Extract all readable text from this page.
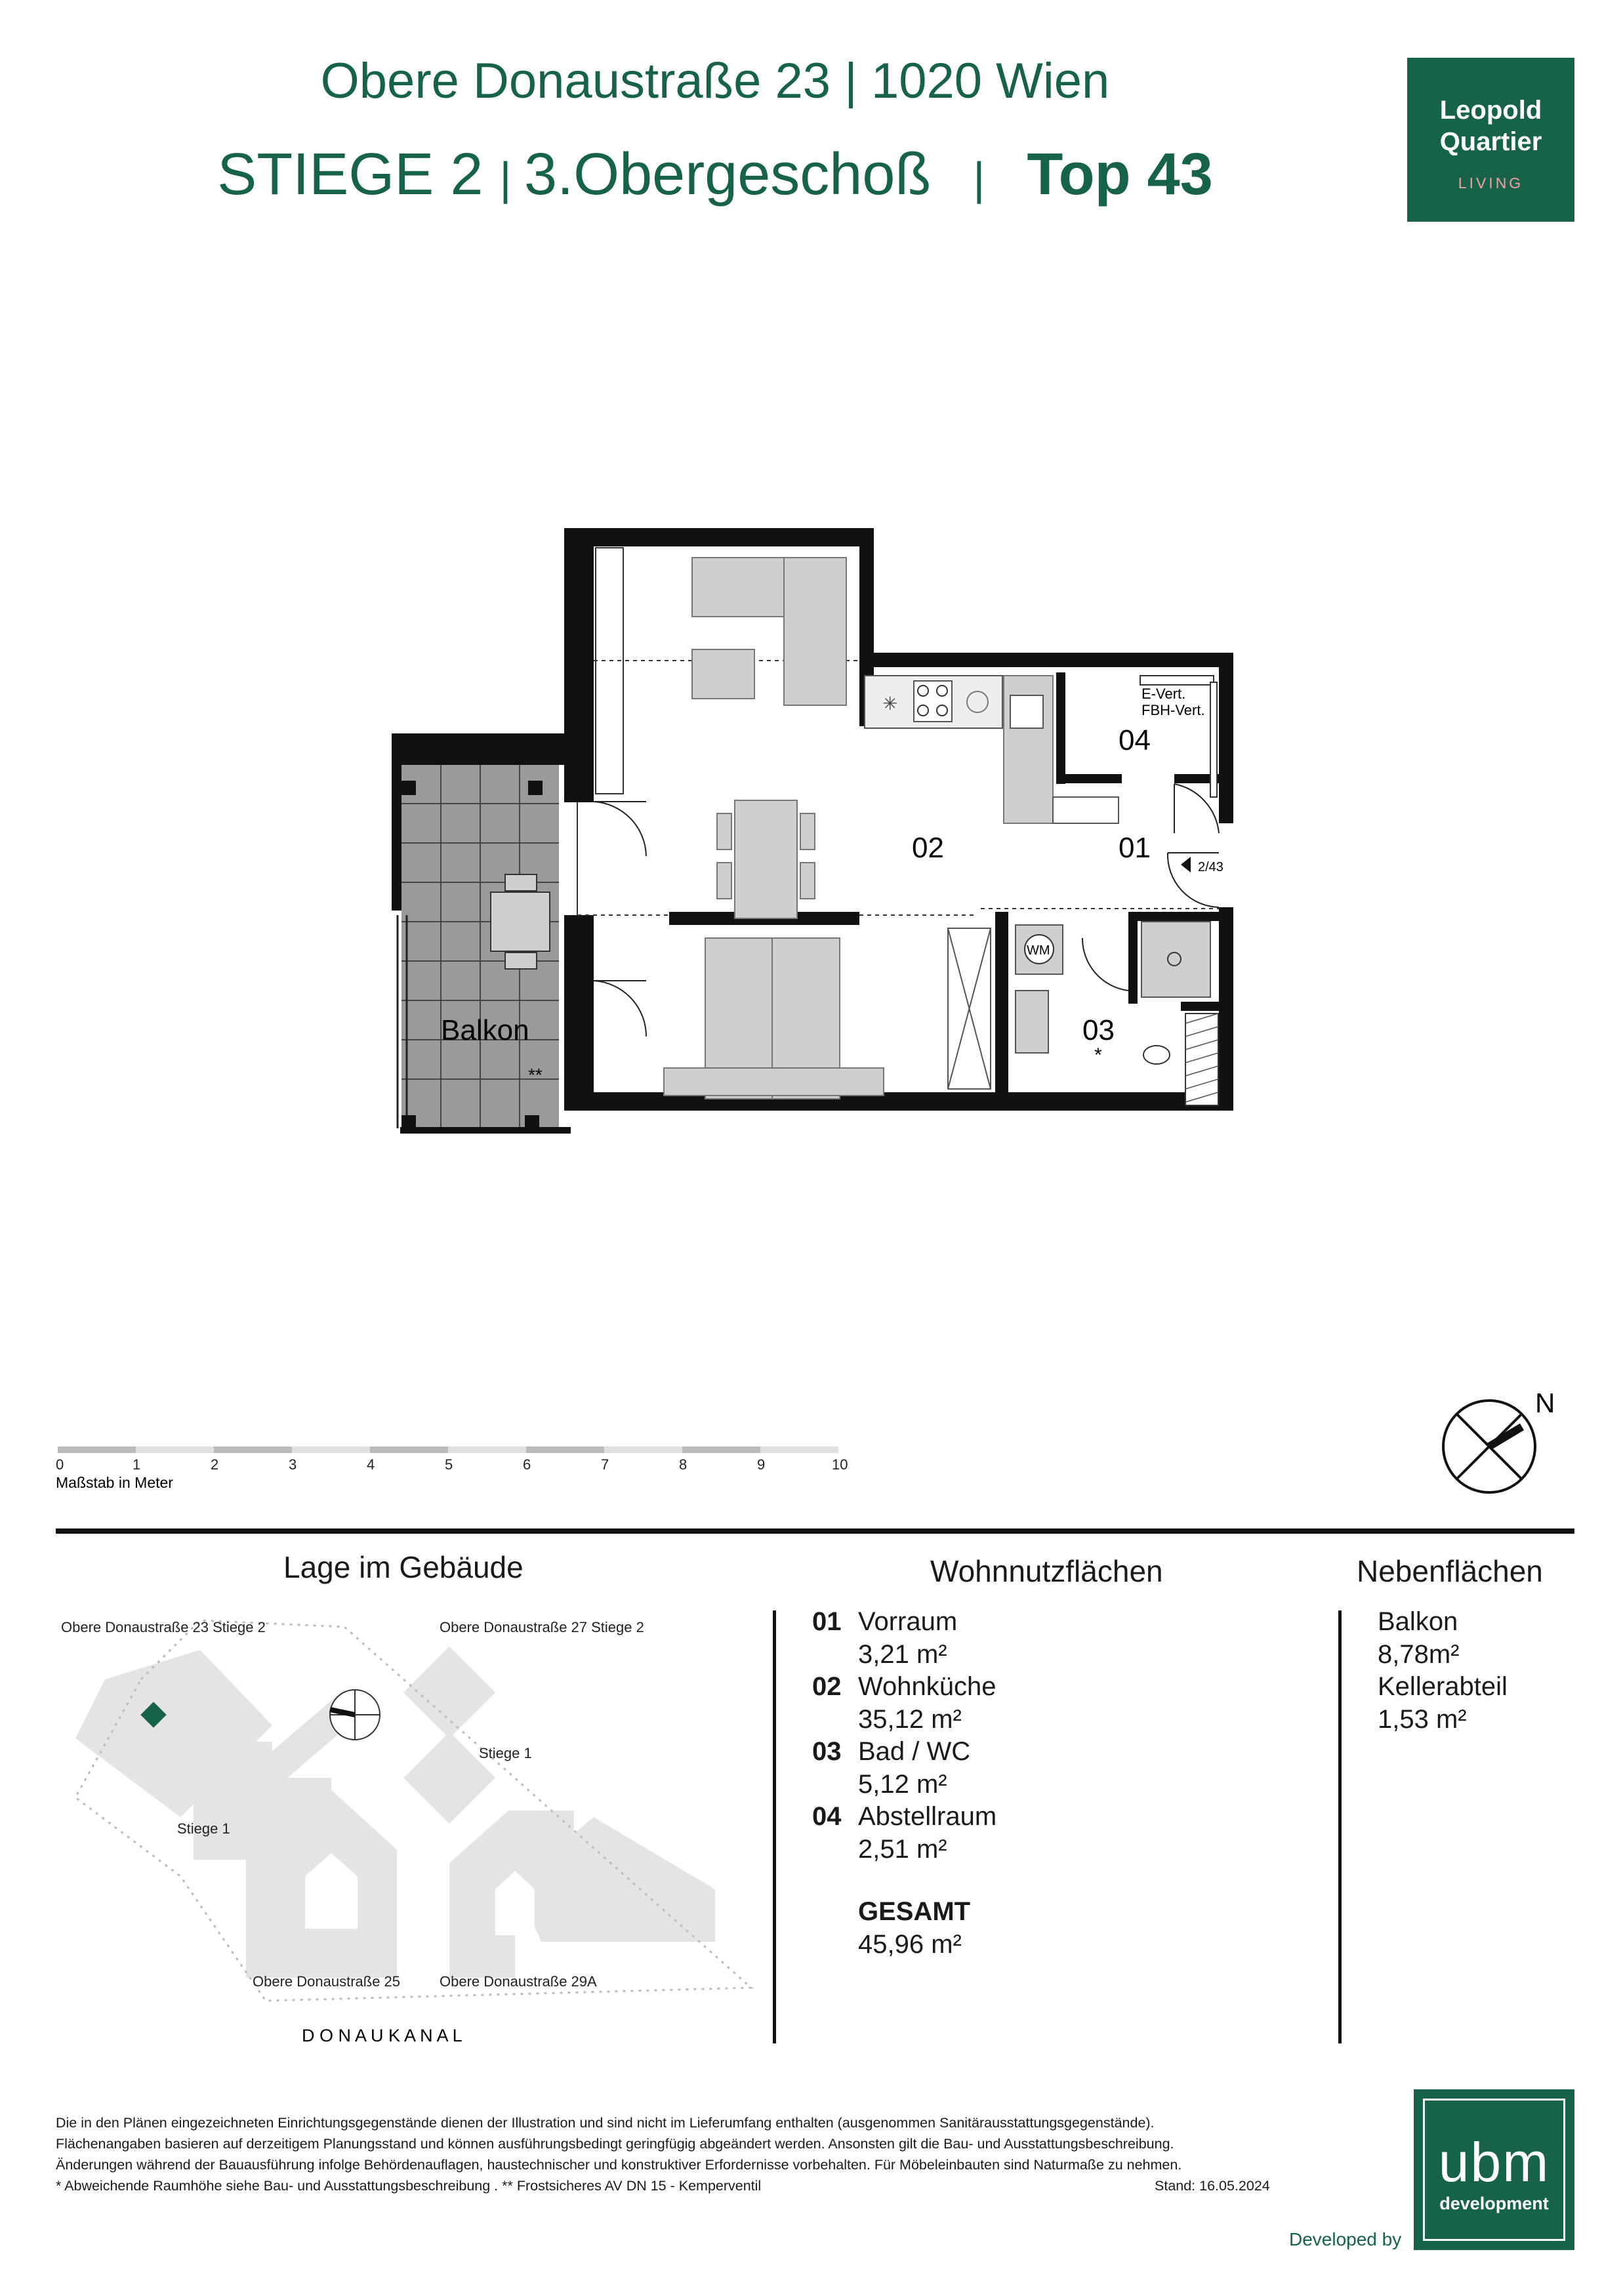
Obere Donaustraße 23 | 1020 Wien
STIEGE 2 | 3.Obergeschoß   |   Top 43
Leopold
Quartier
LIVING
✳
02	01
04
03
Balkon
E-Vert.
FBH-Vert.
2/43
WM
*
**
0	1	2	3	4	5	6	7	8	9	10
Maßstab in Meter
N
Lage im Gebäude
Obere Donaustraße 23 Stiege 2	Obere Donaustraße 27 Stiege 2
Stiege 1
Stiege 1
Obere Donaustraße 25	Obere Donaustraße 29A
D O N A U K A N A L
Wohnnutzflächen
01 Vorraum
3,21 m²
02 Wohnküche
35,12 m²
03 Bad / WC
5,12 m²
04 Abstellraum
2,51 m²
GESAMT
45,96 m²
Nebenflächen
Balkon
8,78m²
Kellerabteil
1,53 m²
Die in den Plänen eingezeichneten Einrichtungsgegenstände dienen der Illustration und sind nicht im Lieferumfang enthalten (ausgenommen Sanitärausstattungsgegenstände).
Flächenangaben basieren auf derzeitigem Planungsstand und können ausführungsbedingt geringfügig abgeändert werden. Ansonsten gilt die Bau- und Ausstattungsbeschreibung.
Änderungen während der Bauausführung infolge Behördenauflagen, haustechnischer und konstruktiver Erfordernisse vorbehalten. Für Möbeleinbauten sind Naturmaße zu nehmen.
* Abweichende Raumhöhe siehe Bau- und Ausstattungsbeschreibung . ** Frostsicheres AV DN 15 - Kemperventil	Stand: 16.05.2024
Developed by
ubm
development
